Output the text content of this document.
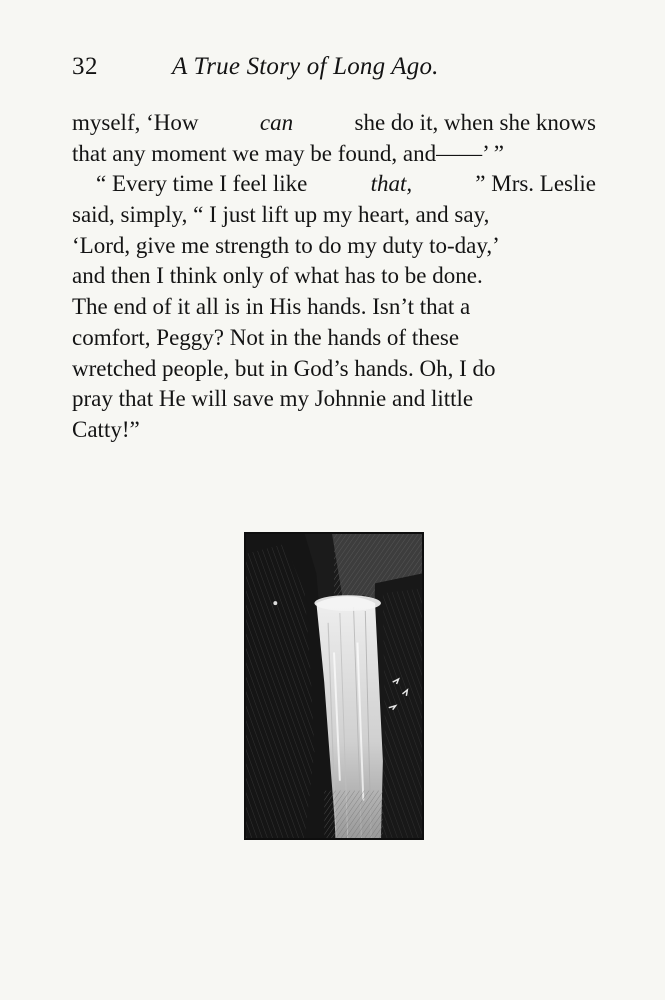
32	A True Story of Long Ago.
myself, ‘How	can	she do it, when she knows
that any moment we may be found, and——’ ”
“ Every time I feel like	that,	” Mrs. Leslie
said, simply, “ I just lift up my heart, and say,
‘Lord, give me strength to do my duty to-day,’
and then I think only of what has to be done.
The end of it all is in His hands. Isn’t that a
comfort, Peggy? Not in the hands of these
wretched people, but in God’s hands. Oh, I do
pray that He will save my Johnnie and little
Catty!”
